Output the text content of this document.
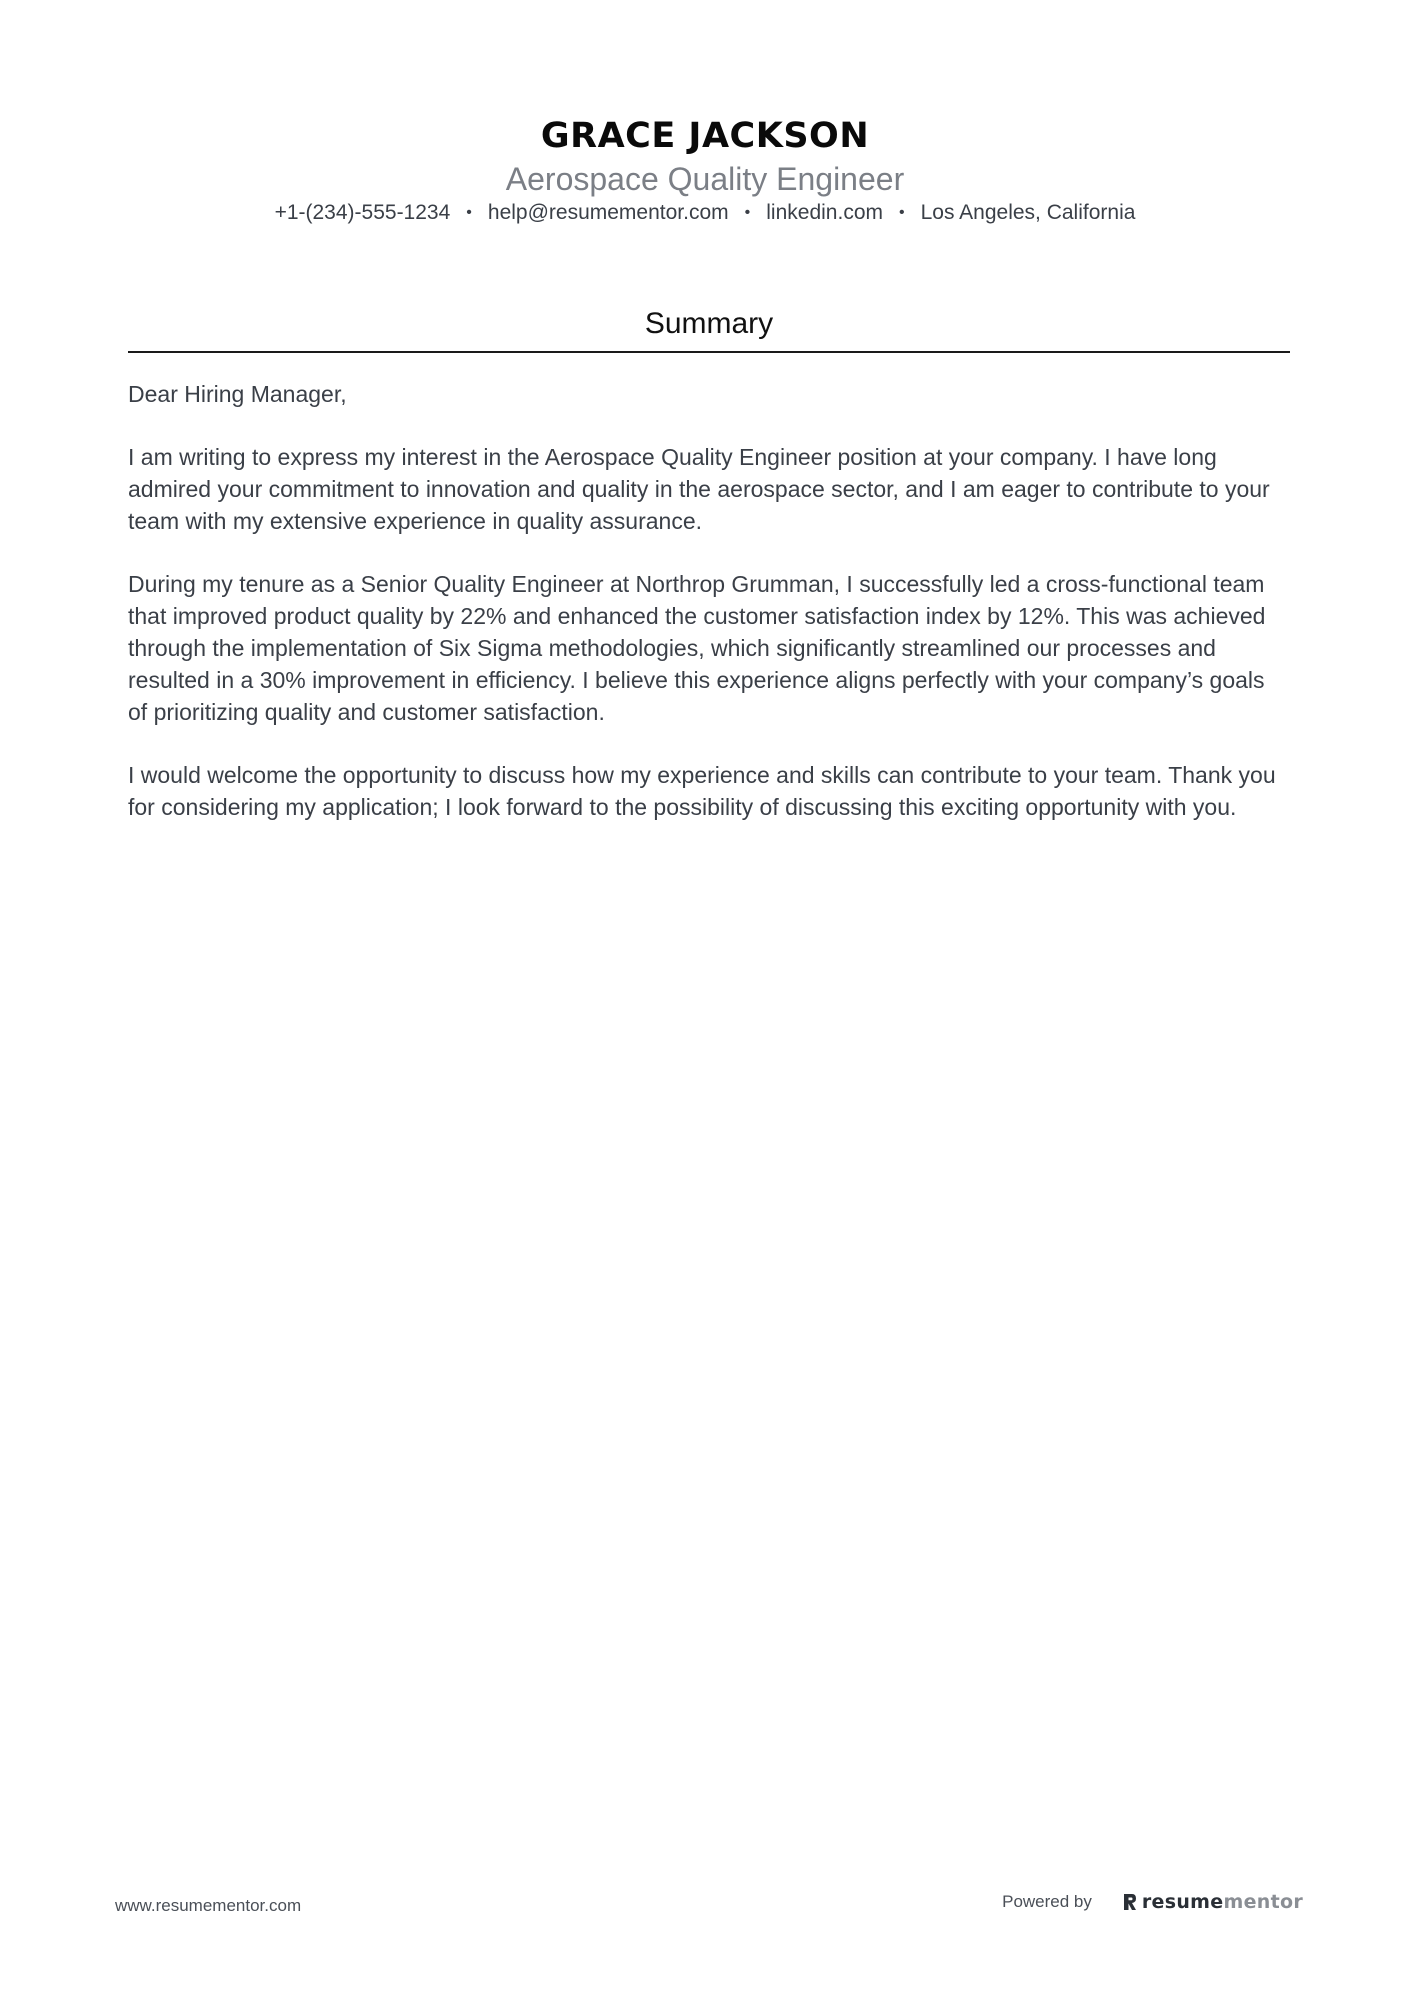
GRACE JACKSON
Aerospace Quality Engineer
+1-(234)-555-1234 • help@resumementor.com • linkedin.com • Los Angeles, California
Summary

Dear Hiring Manager,

I am writing to express my interest in the Aerospace Quality Engineer position at your company. I have long admired your commitment to innovation and quality in the aerospace sector, and I am eager to contribute to your team with my extensive experience in quality assurance.

During my tenure as a Senior Quality Engineer at Northrop Grumman, I successfully led a cross-functional team that improved product quality by 22% and enhanced the customer satisfaction index by 12%. This was achieved through the implementation of Six Sigma methodologies, which significantly streamlined our processes and resulted in a 30% improvement in efficiency. I believe this experience aligns perfectly with your company’s goals of prioritizing quality and customer satisfaction.

I would welcome the opportunity to discuss how my experience and skills can contribute to your team. Thank you for considering my application; I look forward to the possibility of discussing this exciting opportunity with you.

www.resumementor.com	Powered by	resumementor
